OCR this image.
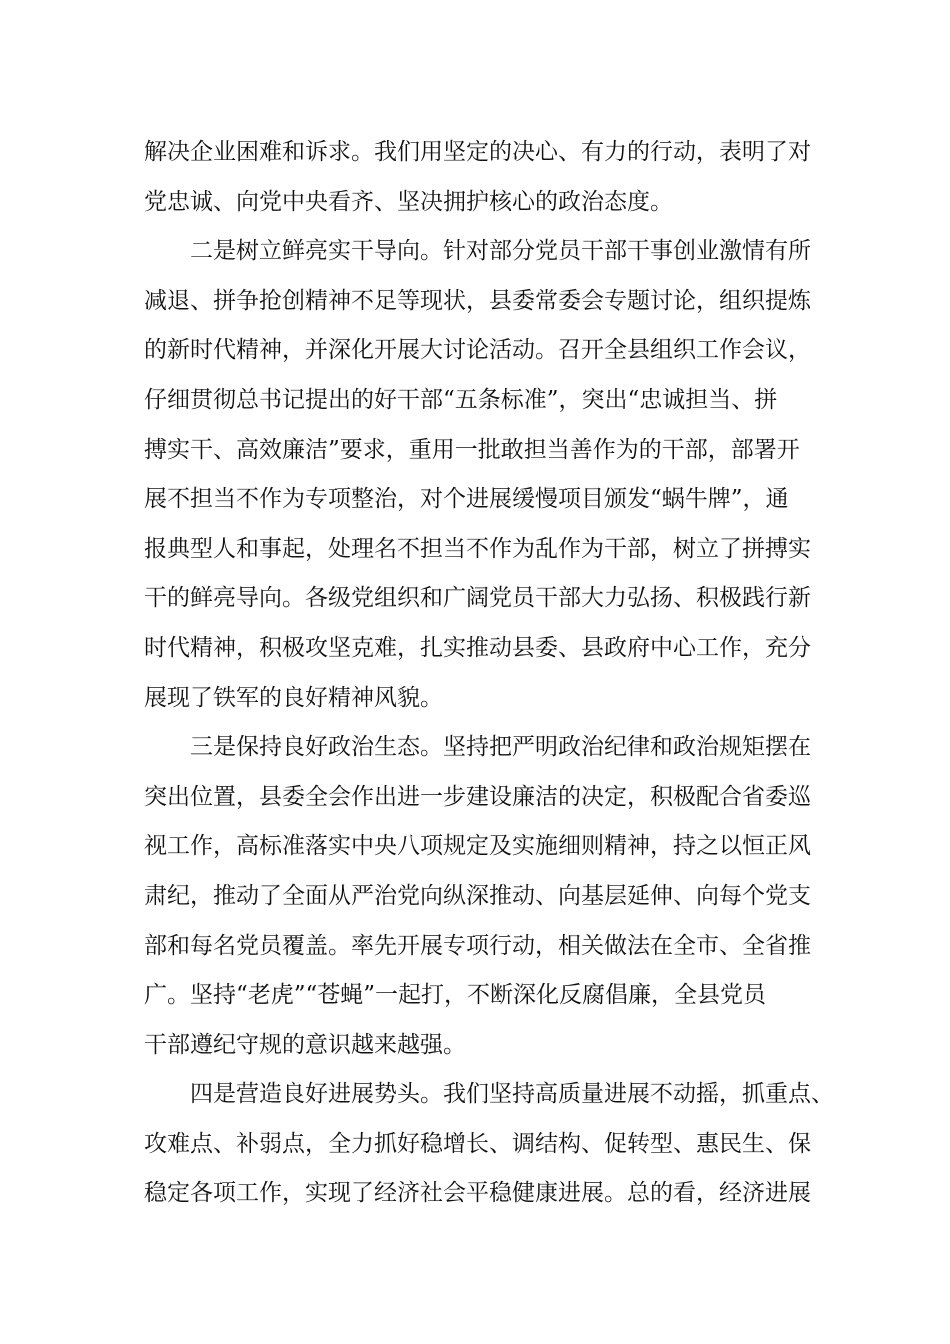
解决企业困难和诉求。我们用坚定的决心、有力的行动，表明了对
党忠诚、向党中央看齐、坚决拥护核心的政治态度。
　　二是树立鲜亮实干导向。针对部分党员干部干事创业激情有所
减退、拼争抢创精神不足等现状，县委常委会专题讨论，组织提炼
的新时代精神，并深化开展大讨论活动。召开全县组织工作会议，
仔细贯彻总书记提出的好干部“五条标准”，突出“忠诚担当、拼
搏实干、高效廉洁”要求，重用一批敢担当善作为的干部，部署开
展不担当不作为专项整治，对个进展缓慢项目颁发“蜗牛牌”，通
报典型人和事起，处理名不担当不作为乱作为干部，树立了拼搏实
干的鲜亮导向。各级党组织和广阔党员干部大力弘扬、积极践行新
时代精神，积极攻坚克难，扎实推动县委、县政府中心工作，充分
展现了铁军的良好精神风貌。
　　三是保持良好政治生态。坚持把严明政治纪律和政治规矩摆在
突出位置，县委全会作出进一步建设廉洁的决定，积极配合省委巡
视工作，高标准落实中央八项规定及实施细则精神，持之以恒正风
肃纪，推动了全面从严治党向纵深推动、向基层延伸、向每个党支
部和每名党员覆盖。率先开展专项行动，相关做法在全市、全省推
广。坚持“老虎”“苍蝇”一起打，不断深化反腐倡廉，全县党员
干部遵纪守规的意识越来越强。
　　四是营造良好进展势头。我们坚持高质量进展不动摇，抓重点、
攻难点、补弱点，全力抓好稳增长、调结构、促转型、惠民生、保
稳定各项工作，实现了经济社会平稳健康进展。总的看，经济进展
